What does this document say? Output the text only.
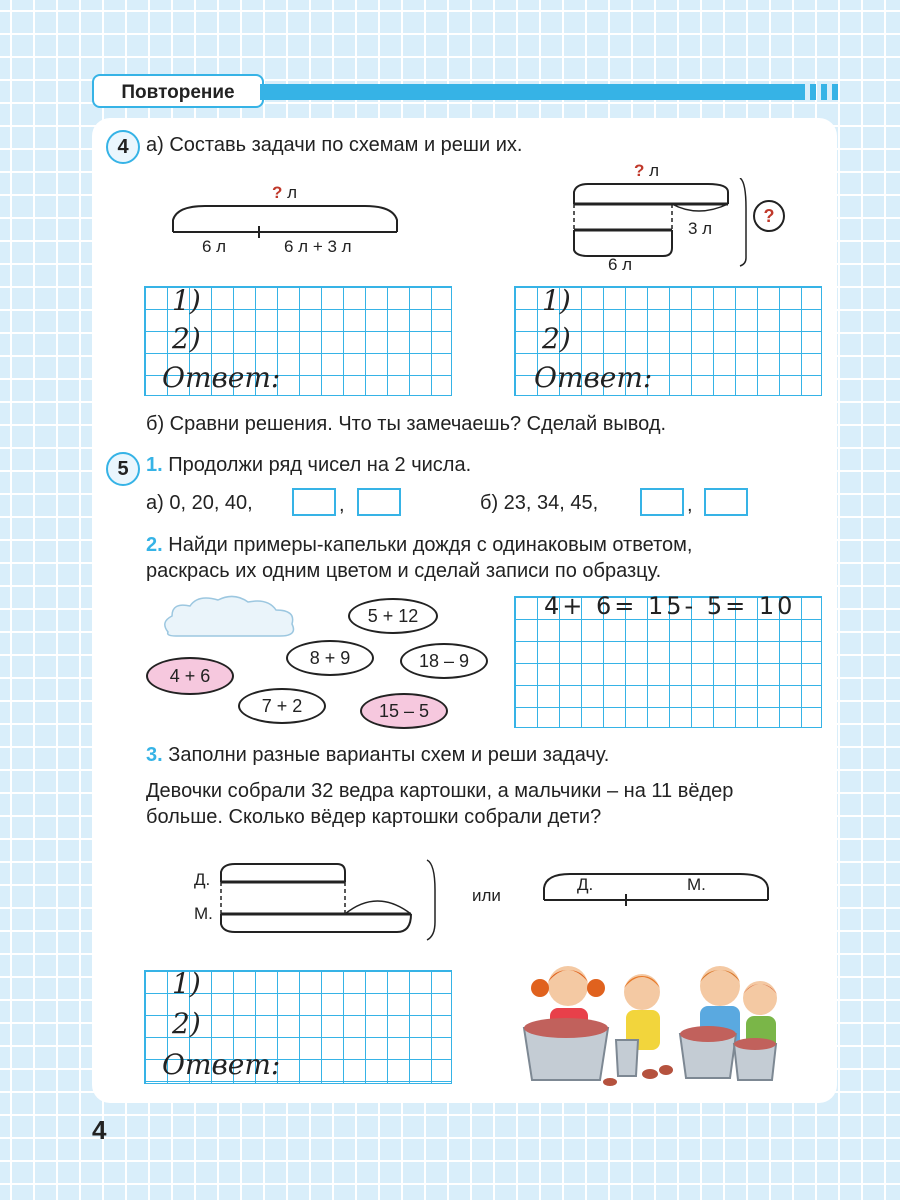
Повторение
4 а) Составь задачи по схемам и реши их.
? л
6 л	6 л + 3 л
? л
3 л
6 л
?
1)
2)
Ответ:
1)
2)
Ответ:
б) Сравни решения. Что ты замечаешь? Сделай вывод.
5 1. Продолжи ряд чисел на 2 числа.
а) 0, 20, 40,	,	б) 23, 34, 45,	,
2. Найди примеры-капельки дождя с одинаковым ответом,
раскрась их одним цветом и сделай записи по образцу.
5 + 12
8 + 9	18 – 9
4 + 6
7 + 2	15 – 5
4+ 6= 15- 5= 10
3. Заполни разные варианты схем и реши задачу.
Девочки собрали 32 ведра картошки, а мальчики – на 11 вёдер
больше. Сколько вёдер картошки собрали дети?
Д.
М.
или
Д.	М.
1)
2)
Ответ:
4
